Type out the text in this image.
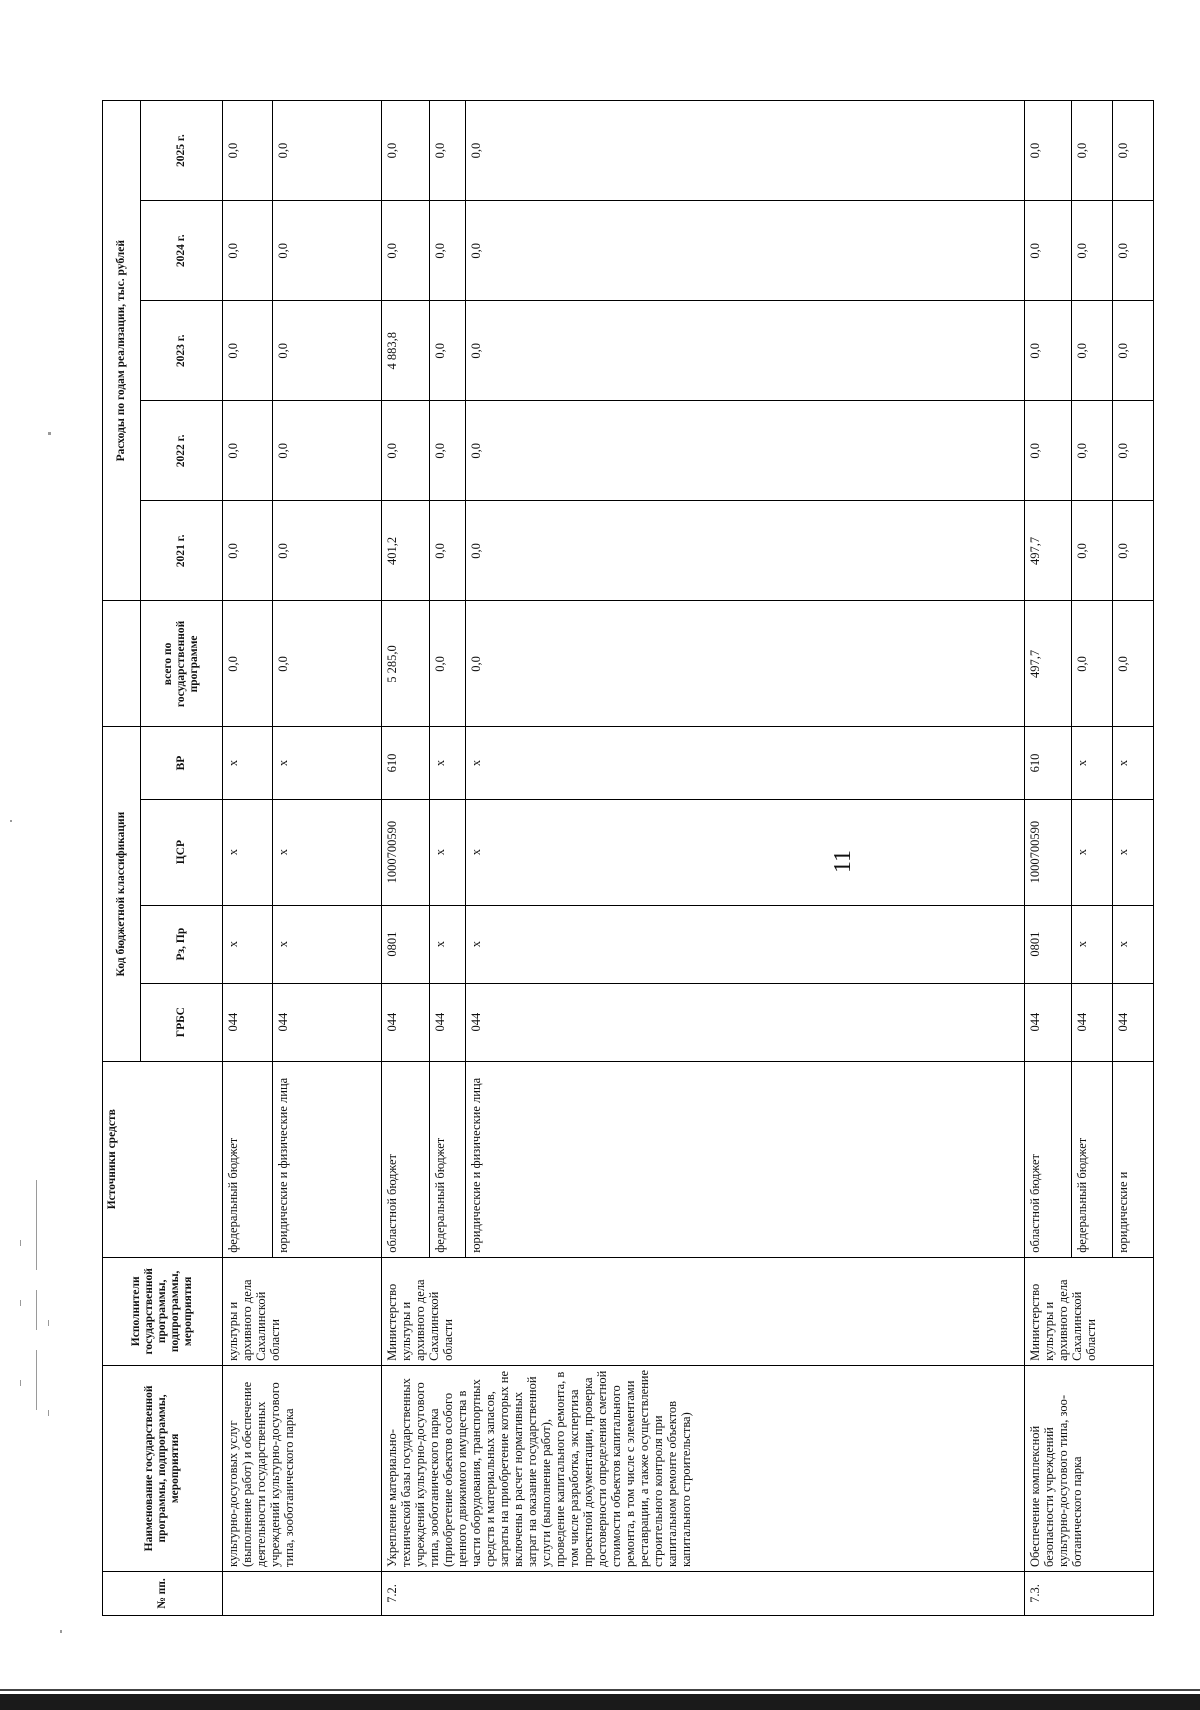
11
№ пп.	Наименование государственной программы, подпрограммы, мероприятия	Исполнители государственной программы, подпрограммы, мероприятия	Источники средств	Код бюджетной классификации					Расходы по годам реализации, тыс. рублей				
				ГРБС	Рз, Пр	ЦСР	ВР	всего по государственной программе	2021 г.	2022 г.	2023 г.	2024 г.	2025 г.
	культурно-досуговых услуг (выполнение работ) и обеспечение деятельности государственных учреждений культурно-досугового типа, зооботанического парка	культуры и архивного дела Сахалинской области	федеральный бюджет	044	х	х	х	0,0	0,0	0,0	0,0	0,0	0,0
			юридические и физические лица	044	х	х	х	0,0	0,0	0,0	0,0	0,0	0,0
7.2.	Укрепление материально-технической базы государственных учреждений культурно-досугового типа, зооботанического парка (приобретение объектов особого ценного движимого имущества в части оборудования, транспортных средств и материальных запасов, затраты на приобретение которых не включены в расчет нормативных затрат на оказание государственной услуги (выполнение работ), проведение капитального ремонта, в том числе разработка, экспертиза проектной документации, проверка достоверности определения сметной стоимости объектов капитального ремонта, в том числе с элементами реставрации, а также осуществление строительного контроля при капитальном ремонте объектов капитального строительства)	Министерство культуры и архивного дела Сахалинской области	областной бюджет	044	0801	1000700590	610	5 285,0	401,2	0,0	4 883,8	0,0	0,0
			федеральный бюджет	044	х	х	х	0,0	0,0	0,0	0,0	0,0	0,0
			юридические и физические лица	044	х	х	х	0,0	0,0	0,0	0,0	0,0	0,0
7.3.	Обеспечение комплексной безопасности учреждений культурно-досугового типа, зооботанического парка	Министерство культуры и архивного дела Сахалинской области	областной бюджет	044	0801	1000700590	610	497,7	497,7	0,0	0,0	0,0	0,0
			федеральный бюджет	044	х	х	х	0,0	0,0	0,0	0,0	0,0	0,0
			юридические и	044	х	х	х	0,0	0,0	0,0	0,0	0,0	0,0
